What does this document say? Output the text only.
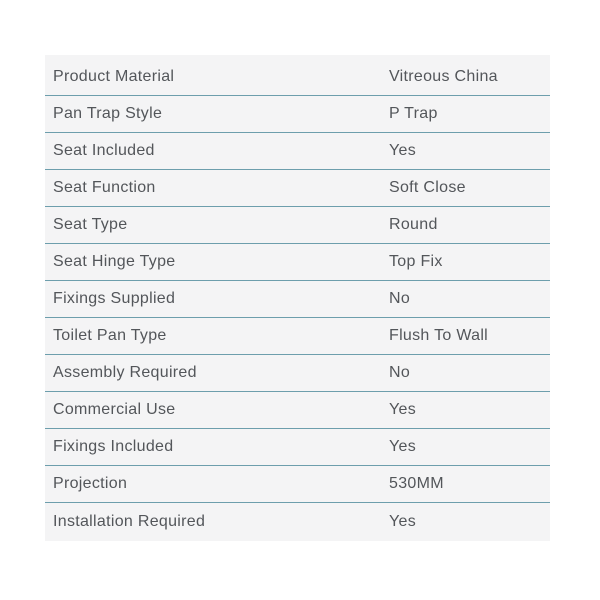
Product Material	Vitreous China
Pan Trap Style	P Trap
Seat Included	Yes
Seat Function	Soft Close
Seat Type	Round
Seat Hinge Type	Top Fix
Fixings Supplied	No
Toilet Pan Type	Flush To Wall
Assembly Required	No
Commercial Use	Yes
Fixings Included	Yes
Projection	530MM
Installation Required	Yes
